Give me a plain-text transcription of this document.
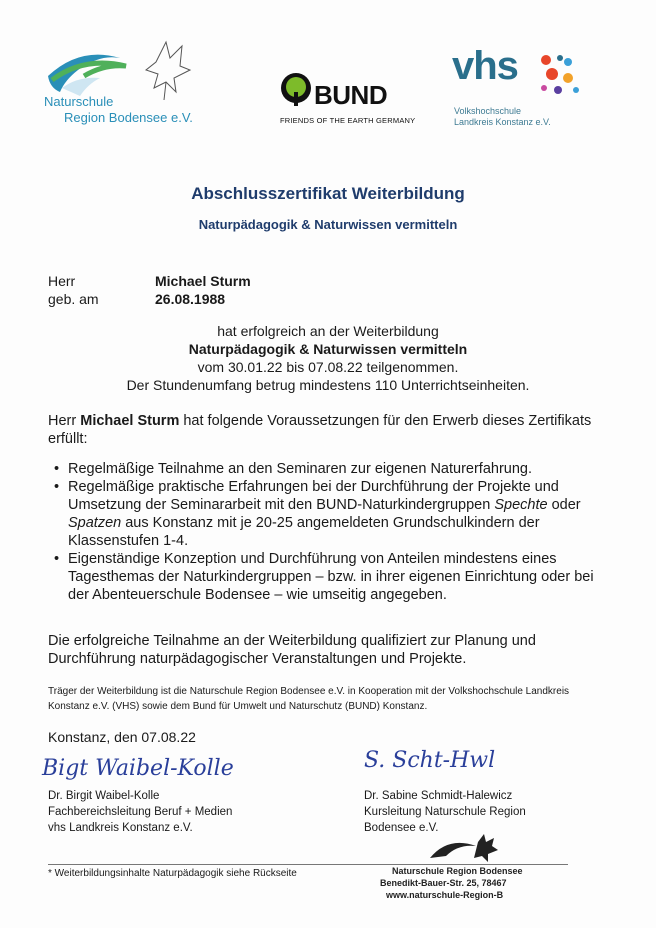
Naturschule
Region Bodensee e.V.
BUND
FRIENDS OF THE EARTH GERMANY
vhs
Volkshochschule
Landkreis Konstanz e.V.
Abschlusszertifikat Weiterbildung
Naturpädagogik & Naturwissen vermitteln
Herr	Michael Sturm
geb. am	26.08.1988
hat erfolgreich an der Weiterbildung
Naturpädagogik & Naturwissen vermitteln
vom 30.01.22 bis 07.08.22 teilgenommen.
Der Stundenumfang betrug mindestens 110 Unterrichtseinheiten.
Herr Michael Sturm hat folgende Voraussetzungen für den Erwerb dieses Zertifikats erfüllt:
• Regelmäßige Teilnahme an den Seminaren zur eigenen Naturerfahrung.
• Regelmäßige praktische Erfahrungen bei der Durchführung der Projekte und Umsetzung der Seminararbeit mit den BUND-Naturkindergruppen Spechte oder Spatzen aus Konstanz mit je 20-25 angemeldeten Grundschulkindern der Klassenstufen 1-4.
• Eigenständige Konzeption und Durchführung von Anteilen mindestens eines Tagesthemas der Naturkindergruppen – bzw. in ihrer eigenen Einrichtung oder bei der Abenteuerschule Bodensee – wie umseitig angegeben.
Die erfolgreiche Teilnahme an der Weiterbildung qualifiziert zur Planung und Durchführung naturpädagogischer Veranstaltungen und Projekte.
Träger der Weiterbildung ist die Naturschule Region Bodensee e.V. in Kooperation mit der Volkshochschule Landkreis Konstanz e.V. (VHS) sowie dem Bund für Umwelt und Naturschutz (BUND) Konstanz.
Konstanz, den 07.08.22
Bigt Waibel-Kolle
Dr. Birgit Waibel-Kolle
Fachbereichsleitung Beruf + Medien
vhs Landkreis Konstanz e.V.
S. Scht-Hwl
Dr. Sabine Schmidt-Halewicz
Kursleitung Naturschule Region
Bodensee e.V.
* Weiterbildungsinhalte Naturpädagogik siehe Rückseite	Naturschule Region Bodensee
Benedikt-Bauer-Str. 25, 78467
www.naturschule-Region-B
